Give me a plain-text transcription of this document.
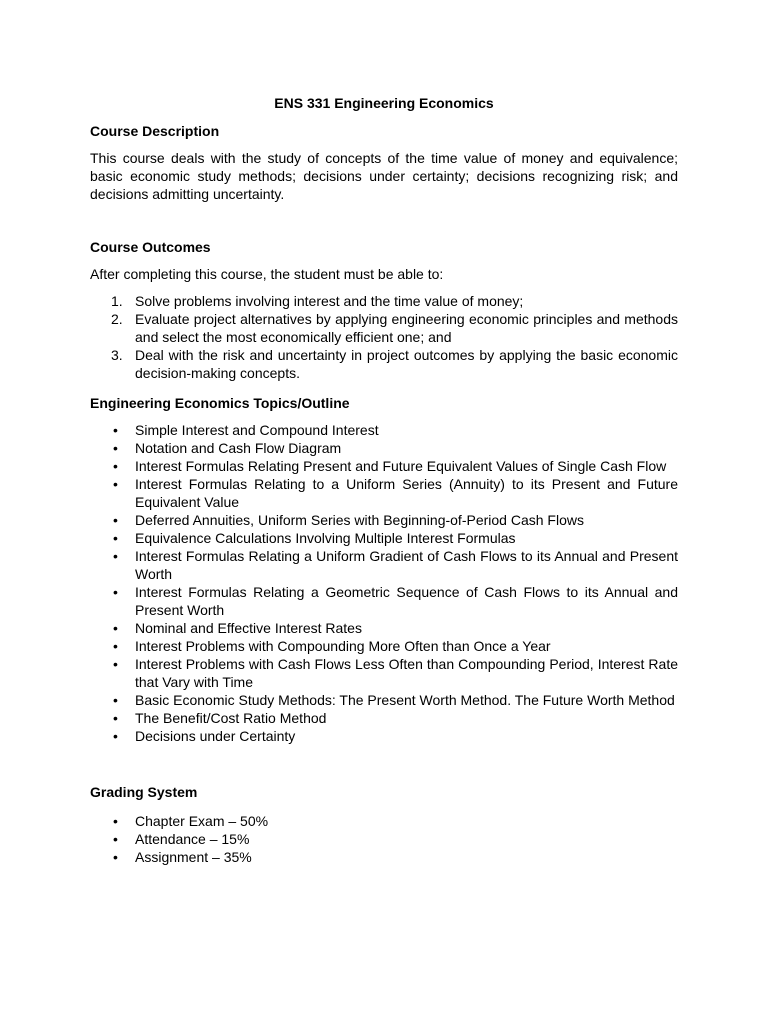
ENS 331 Engineering Economics
Course Description

This course deals with the study of concepts of the time value of money and equivalence; basic economic study methods; decisions under certainty; decisions recognizing risk; and decisions admitting uncertainty.

Course Outcomes

After completing this course, the student must be able to:

1. Solve problems involving interest and the time value of money;
2. Evaluate project alternatives by applying engineering economic principles and methods and select the most economically efficient one; and
3. Deal with the risk and uncertainty in project outcomes by applying the basic economic decision-making concepts.
Engineering Economics Topics/Outline
• Simple Interest and Compound Interest
• Notation and Cash Flow Diagram
• Interest Formulas Relating Present and Future Equivalent Values of Single Cash Flow
• Interest Formulas Relating to a Uniform Series (Annuity) to its Present and Future Equivalent Value
• Deferred Annuities, Uniform Series with Beginning-of-Period Cash Flows
• Equivalence Calculations Involving Multiple Interest Formulas
• Interest Formulas Relating a Uniform Gradient of Cash Flows to its Annual and Present Worth
• Interest Formulas Relating a Geometric Sequence of Cash Flows to its Annual and Present Worth
• Nominal and Effective Interest Rates
• Interest Problems with Compounding More Often than Once a Year
• Interest Problems with Cash Flows Less Often than Compounding Period, Interest Rate that Vary with Time
• Basic Economic Study Methods: The Present Worth Method. The Future Worth Method
• The Benefit/Cost Ratio Method
• Decisions under Certainty
Grading System
• Chapter Exam – 50%
• Attendance – 15%
• Assignment – 35%
